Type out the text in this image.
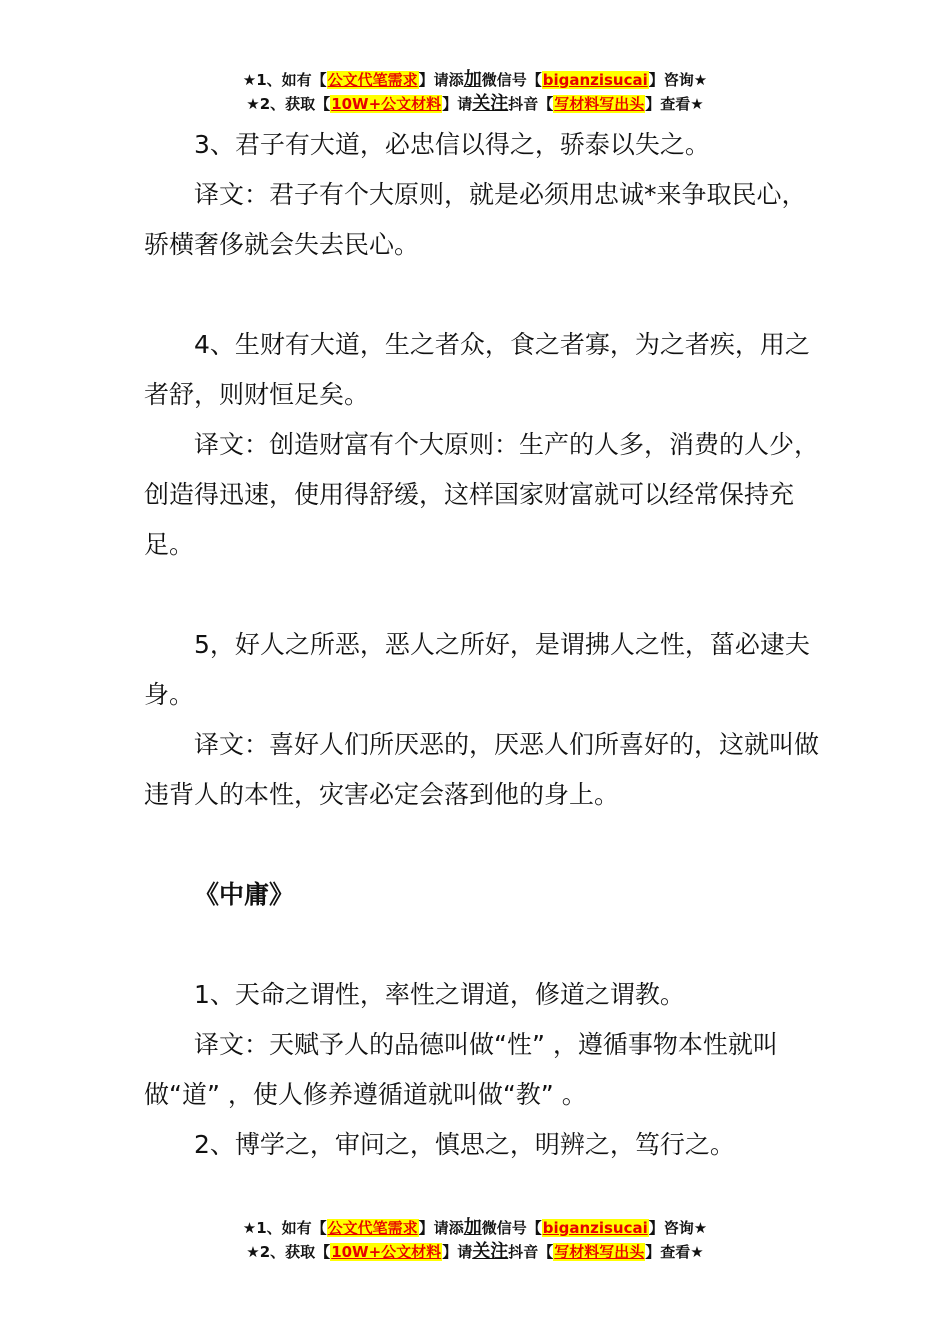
★1、如有【公文代笔需求】请添加微信号【biganzisucai】咨询★
★2、获取【10W+公文材料】请关注抖音【写材料写出头】查看★

3、君子有大道，必忠信以得之，骄泰以失之。

译文：君子有个大原则，就是必须用忠诚*来争取民心，骄横奢侈就会失去民心。

4、生财有大道，生之者众，食之者寡，为之者疾，用之者舒，则财恒足矣。

译文：创造财富有个大原则：生产的人多，消费的人少，创造得迅速，使用得舒缓，这样国家财富就可以经常保持充足。

5，好人之所恶，恶人之所好，是谓拂人之性，菑必逮夫身。

译文：喜好人们所厌恶的，厌恶人们所喜好的，这就叫做违背人的本性，灾害必定会落到他的身上。

《中庸》

1、天命之谓性，率性之谓道，修道之谓教。

译文：天赋予人的品德叫做“性” ，遵循事物本性就叫做“道” ，使人修养遵循道就叫做“教” 。

2、博学之，审问之，慎思之，明辨之，笃行之。

★1、如有【公文代笔需求】请添加微信号【biganzisucai】咨询★
★2、获取【10W+公文材料】请关注抖音【写材料写出头】查看★
